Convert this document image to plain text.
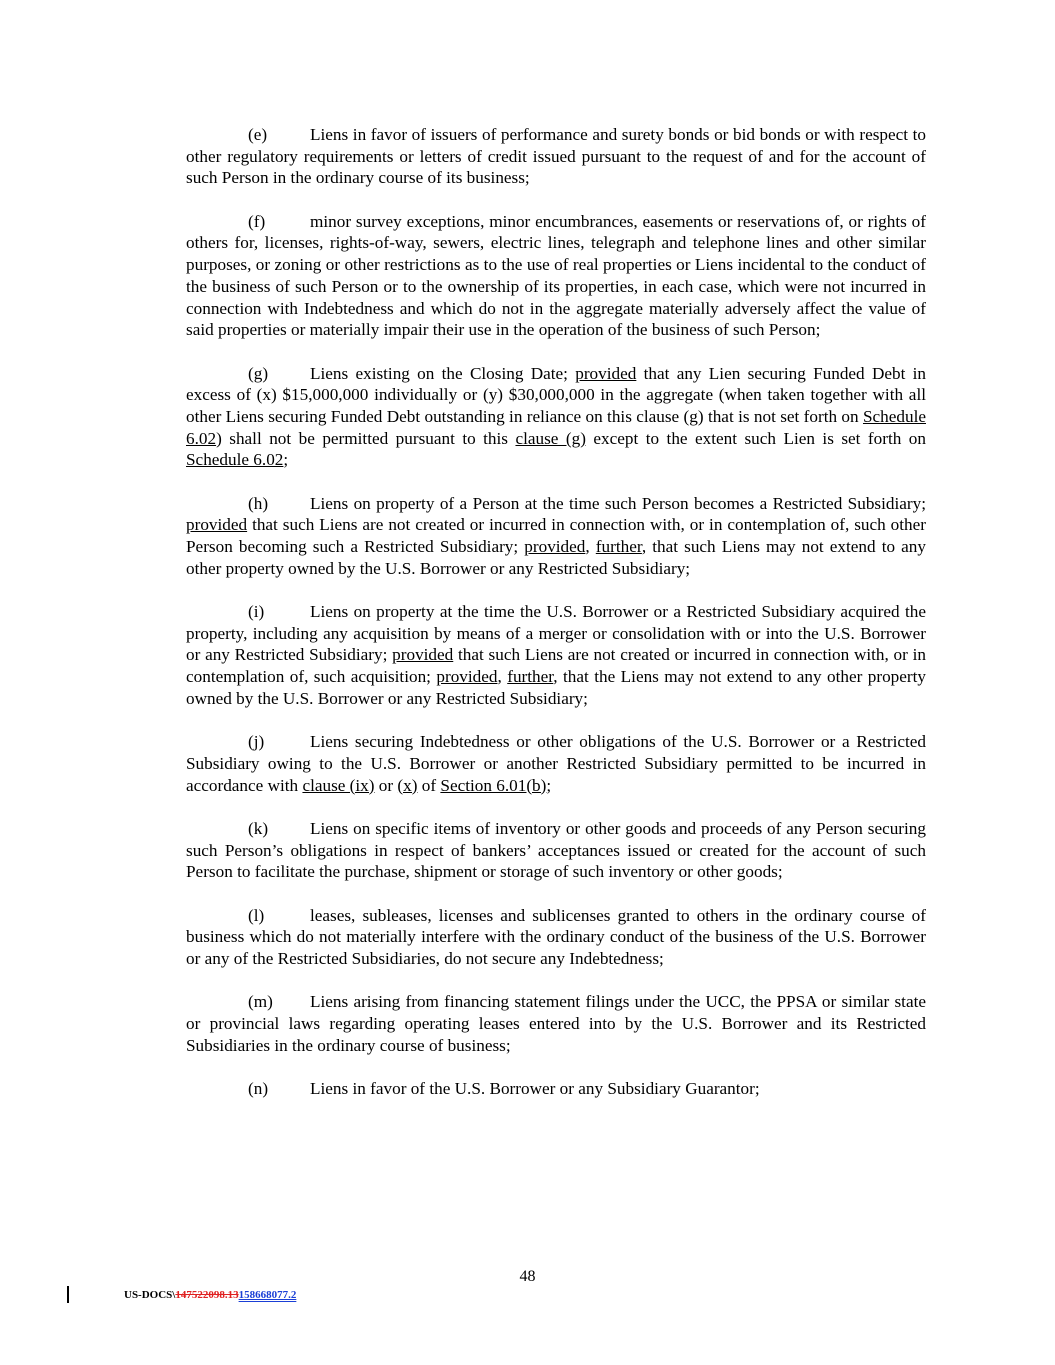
(e) Liens in favor of issuers of performance and surety bonds or bid bonds or with respect to other regulatory requirements or letters of credit issued pursuant to the request of and for the account of such Person in the ordinary course of its business;

(f)	minor survey exceptions, minor encumbrances, easements or reservations of, or rights of others for, licenses, rights-of-way, sewers, electric lines, telegraph and telephone lines and other similar purposes, or zoning or other restrictions as to the use of real properties or Liens incidental to the conduct of the business of such Person or to the ownership of its properties, in each case, which were not incurred in connection with Indebtedness and which do not in the aggregate materially adversely affect the value of said properties or materially impair their use in the operation of the business of such Person;

(g) Liens existing on the Closing Date; provided that any Lien securing Funded Debt in excess of (x) $15,000,000 individually or (y) $30,000,000 in the aggregate (when taken together with all other Liens securing Funded Debt outstanding in reliance on this clause (g) that is not set forth on Schedule 6.02) shall not be permitted pursuant to this clause (g) except to the extent such Lien is set forth on Schedule 6.02;

(h) Liens on property of a Person at the time such Person becomes a Restricted Subsidiary; provided that such Liens are not created or incurred in connection with, or in contemplation of, such other Person becoming such a Restricted Subsidiary; provided, further, that such Liens may not extend to any other property owned by the U.S. Borrower or any Restricted Subsidiary;

(i)	Liens on property at the time the U.S. Borrower or a Restricted Subsidiary acquired the property, including any acquisition by means of a merger or consolidation with or into the U.S. Borrower or any Restricted Subsidiary; provided that such Liens are not created or incurred in connection with, or in contemplation of, such acquisition; provided, further, that the Liens may not extend to any other property owned by the U.S. Borrower or any Restricted Subsidiary;

(j)	Liens securing Indebtedness or other obligations of the U.S. Borrower or a Restricted Subsidiary owing to the U.S. Borrower or another Restricted Subsidiary permitted to be incurred in accordance with clause (ix) or (x) of Section 6.01(b);

(k) Liens on specific items of inventory or other goods and proceeds of any Person securing such Person’s obligations in respect of bankers’ acceptances issued or created for the account of such Person to facilitate the purchase, shipment or storage of such inventory or other goods;

(l)	leases, subleases, licenses and sublicenses granted to others in the ordinary course of business which do not materially interfere with the ordinary conduct of the business of the U.S. Borrower or any of the Restricted Subsidiaries, do not secure any Indebtedness;

(m) Liens arising from financing statement filings under the UCC, the PPSA or similar state or provincial laws regarding operating leases entered into by the U.S. Borrower and its Restricted Subsidiaries in the ordinary course of business;

(n) Liens in favor of the U.S. Borrower or any Subsidiary Guarantor;

48
US-DOCS\147522098.13158668077.2
